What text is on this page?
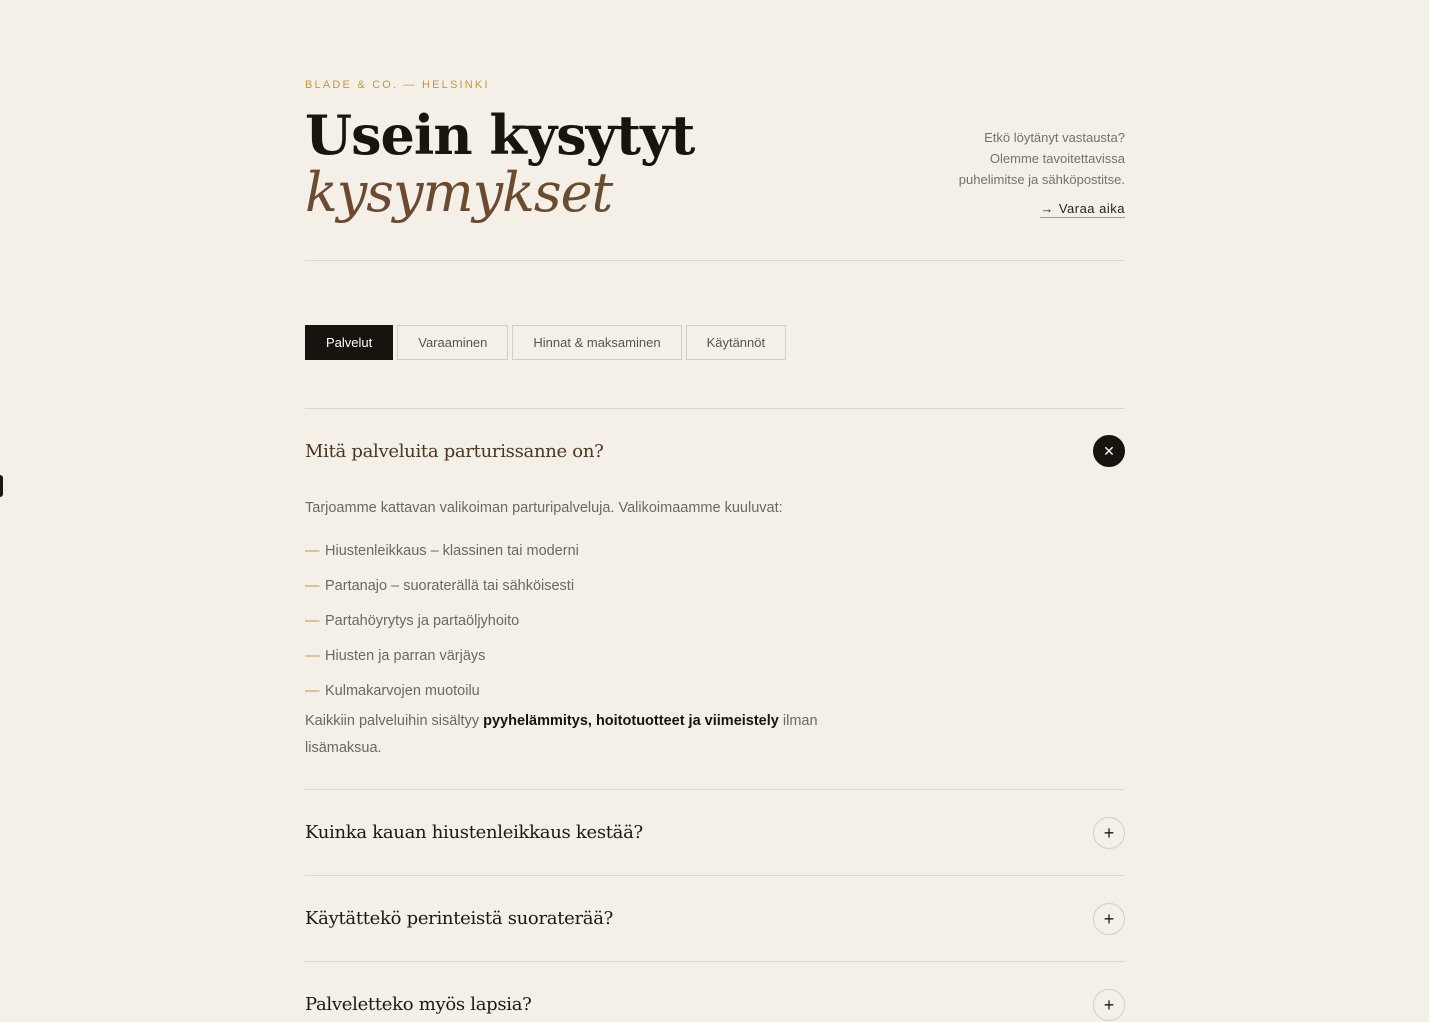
BLADE & CO. — HELSINKI
Usein kysytyt
kysymykset
Etkö löytänyt vastausta?
Olemme tavoitettavissa
puhelimitse ja sähköpostitse.
→ Varaa aika
Palvelut	Varaaminen	Hinnat & maksaminen	Käytännöt
Mitä palveluita parturissanne on?	✕

Tarjoamme kattavan valikoiman parturipalveluja. Valikoimaamme kuuluvat:

— Hiustenleikkaus – klassinen tai moderni
— Partanajo – suoraterällä tai sähköisesti
— Partahöyrytys ja partaöljyhoito
— Hiusten ja parran värjäys
— Kulmakarvojen muotoilu

Kaikkiin palveluihin sisältyy pyyhelämmitys, hoitotuotteet ja viimeistely ilman lisämaksua.

Kuinka kauan hiustenleikkaus kestää?	+
Käytättekö perinteistä suoraterää?	+
Palveletteko myös lapsia?	+
